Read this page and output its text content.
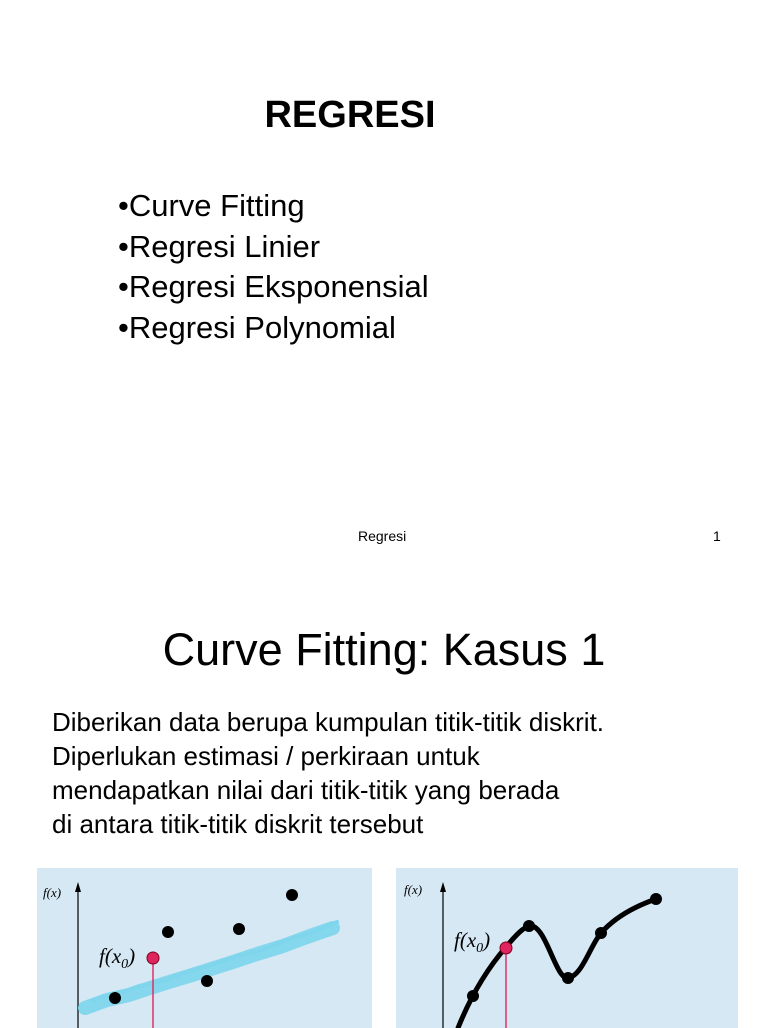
REGRESI
• Curve Fitting
• Regresi Linier
• Regresi Eksponensial
• Regresi Polynomial
Regresi	1
Curve Fitting: Kasus 1
Diberikan data berupa kumpulan titik-titik diskrit.
Diperlukan estimasi / perkiraan untuk
mendapatkan nilai dari titik-titik yang berada
di antara titik-titik diskrit tersebut
f(x)
$f(x_0)$
f(x)
$f(x_0)$
